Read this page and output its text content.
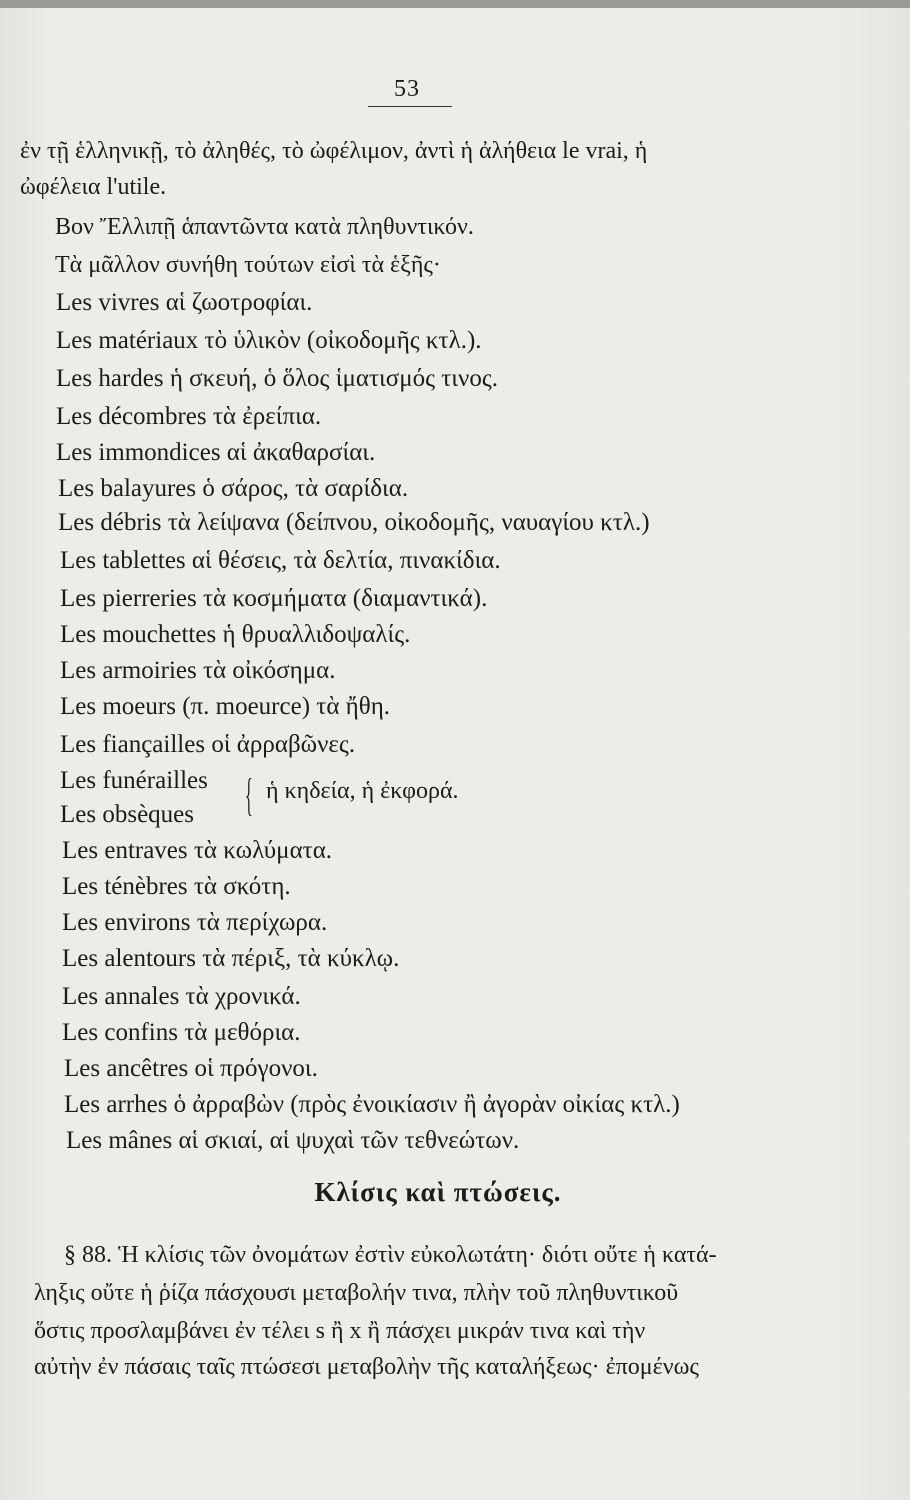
53
ἐν τῇ ἑλληνικῇ, τὸ ἀληθές, τὸ ὠφέλιμον, ἀντὶ ἡ ἀλήθεια le vrai, ἡ
ὠφέλεια l'utile.
Βον Ἔλλιπῇ ἁπαντῶντα κατὰ πληθυντικόν.
Τὰ μᾶλλον συνήθη τούτων εἰσὶ τὰ ἑξῆς·
Les vivres αἱ ζωοτροφίαι.
Les matériaux τὸ ὑλικὸν (οἰκοδομῆς κτλ.).
Les hardes ἡ σκευή, ὁ ὅλος ἱματισμός τινος.
Les décombres τὰ ἐρείπια.
Les immondices αἱ ἀκαθαρσίαι.
Les balayures ὁ σάρος, τὰ σαρίδια.
Les débris τὰ λείψανα (δείπνου, οἰκοδομῆς, ναυαγίου κτλ.)
Les tablettes αἱ θέσεις, τὰ δελτία, πινακίδια.
Les pierreries τὰ κοσμήματα (διαμαντικά).
Les mouchettes ἡ θρυαλλιδοψαλίς.
Les armoiries τὰ οἰκόσημα.
Les moeurs (π. moeurce) τὰ ἤθη.
Les fiançailles οἱ ἀρραβῶνες.
Les funérailles
Les obsèques { ἡ κηδεία, ἡ ἐκφορά.
Les entraves τὰ κωλύματα.
Les ténèbres τὰ σκότη.
Les environs τὰ περίχωρα.
Les alentours τὰ πέριξ, τὰ κύκλῳ.
Les annales τὰ χρονικά.
Les confins τὰ μεθόρια.
Les ancêtres οἱ πρόγονοι.
Les arrhes ὁ ἀρραβὼν (πρὸς ἐνοικίασιν ἢ ἀγορὰν οἰκίας κτλ.)
Les mânes αἱ σκιαί, αἱ ψυχαὶ τῶν τεθνεώτων.
Κλίσις καὶ πτώσεις.
§ 88. Ἡ κλίσις τῶν ὀνομάτων ἐστὶν εὐκολωτάτη· διότι οὔτε ἡ κατά-
ληξις οὔτε ἡ ῥίζα πάσχουσι μεταβολήν τινα, πλὴν τοῦ πληθυντικοῦ
ὅστις προσλαμβάνει ἐν τέλει s ἢ x ἢ πάσχει μικράν τινα καὶ τὴν
αὐτὴν ἐν πάσαις ταῖς πτώσεσι μεταβολὴν τῆς καταλήξεως· ἐπομένως
